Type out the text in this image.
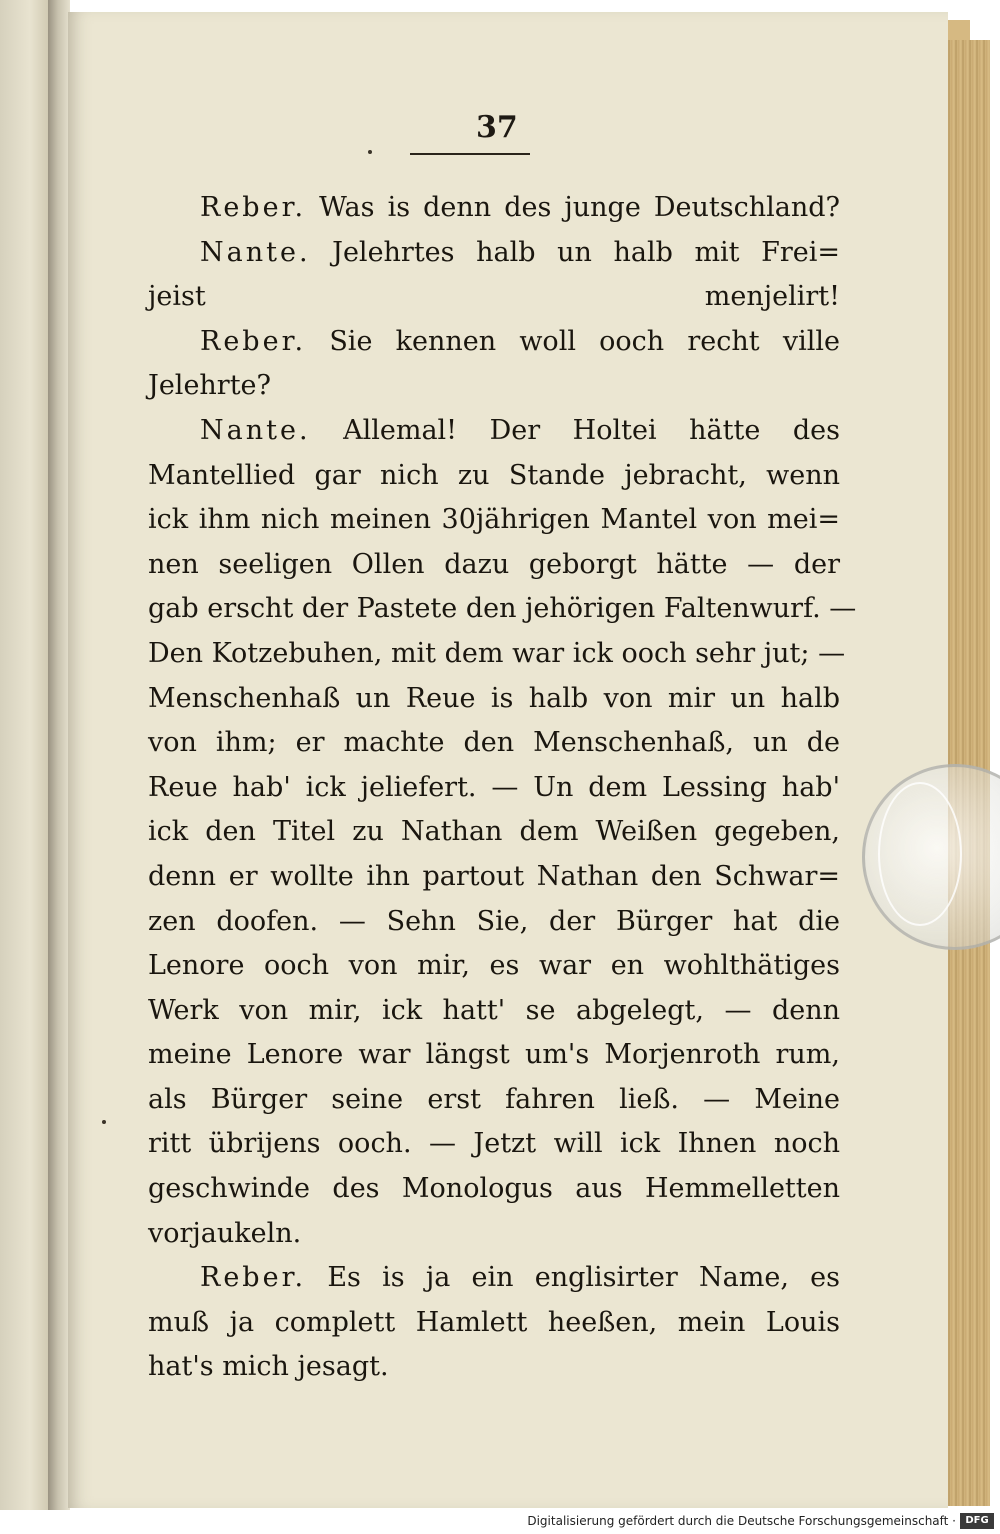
37
Reber. Was is denn des junge Deutschland?
Nante. Jelehrtes halb un halb mit Frei=
jeist menjelirt!
Reber. Sie kennen woll ooch recht ville
Jelehrte?
Nante. Allemal! Der Holtei hätte des
Mantellied gar nich zu Stande jebracht, wenn
ick ihm nich meinen 30jährigen Mantel von mei=
nen seeligen Ollen dazu geborgt hätte — der
gab erscht der Pastete den jehörigen Faltenwurf. —
Den Kotzebuhen, mit dem war ick ooch sehr jut; —
Menschenhaß un Reue is halb von mir un halb
von ihm; er machte den Menschenhaß, un de
Reue hab' ick jeliefert. — Un dem Lessing hab'
ick den Titel zu Nathan dem Weißen gegeben,
denn er wollte ihn partout Nathan den Schwar=
zen doofen. — Sehn Sie, der Bürger hat die
Lenore ooch von mir, es war en wohlthätiges
Werk von mir, ick hatt' se abgelegt, — denn
meine Lenore war längst um's Morjenroth rum,
als Bürger seine erst fahren ließ. — Meine
ritt übrijens ooch. — Jetzt will ick Ihnen noch
geschwinde des Monologus aus Hemmelletten
vorjaukeln.
Reber. Es is ja ein englisirter Name, es
muß ja complett Hamlett heeßen, mein Louis
hat's mich jesagt.
Digitalisierung gefördert durch die Deutsche Forschungsgemeinschaft · DFG
